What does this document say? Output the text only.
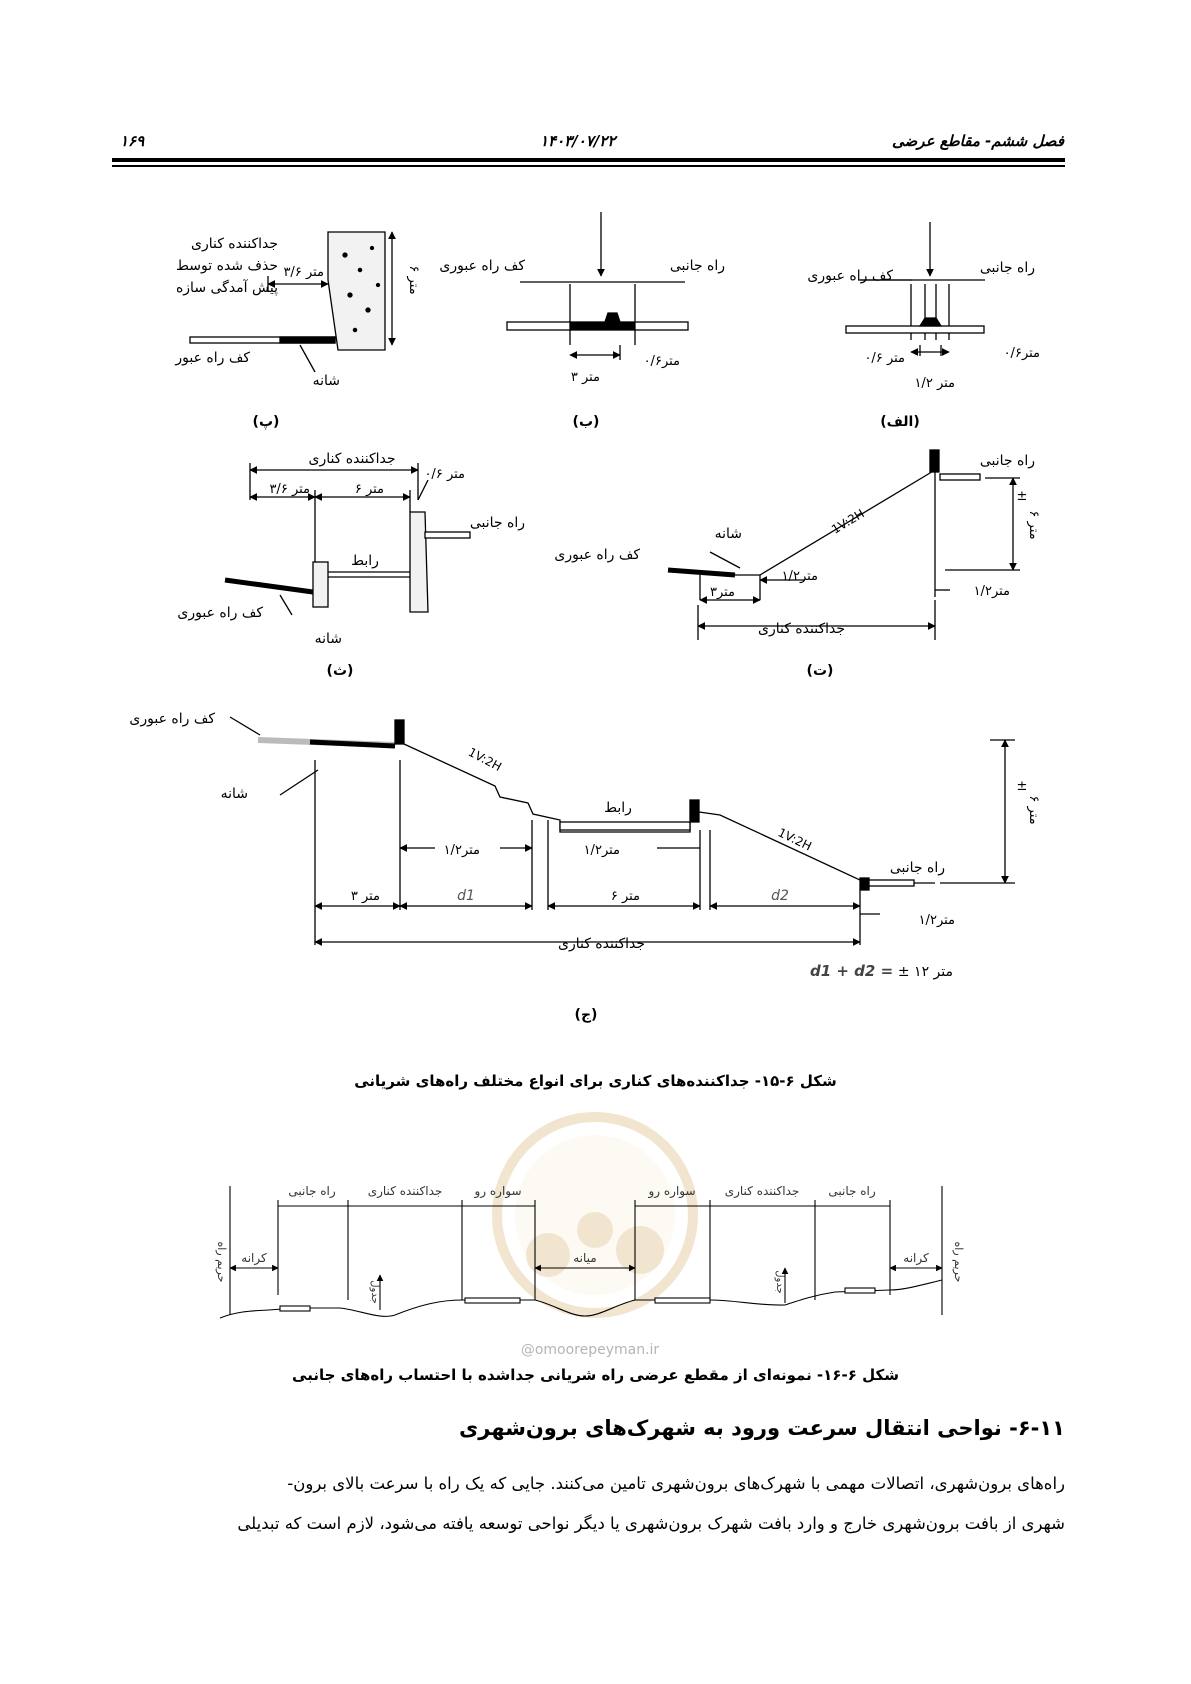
فصل ششم- مقاطع عرضی
۱۴۰۳/۰۷/۲۲
۱۶۹
راه جانبی
کف راه عبوری
۰/۶متر
۰/۶ متر
۱/۲ متر
(الف)
راه جانبی
کف راه عبوری
۰/۶متر
۳ متر
(ب)
جداکننده کناری
حذف شده توسط
پیش آمدگی سازه
۳/۶ متر	۶ متر
کف راه عبور
شانه
(پ)
راه جانبی
شانه
کف راه عبوری
1V:2H
۱/۲متر
۳متر	۱/۲متر
۶ متر
±
جداکننده کناری
(ت)
جداکننده کناری
۳/۶ متر	۶ متر
۰/۶ متر
راه جانبی
رابط
کف راه عبوری
شانه
(ث)
کف راه عبوری
شانه
1V:2H
1V:2H
رابط
۱/۲متر	۱/۲متر
۱/۲متر
۳ متر	d1	۶ متر	d2
راه جانبی
جداکننده کناری
۶ متر
±
d1 + d2 = ± ۱۲ متر
(ج)
راه جانبی	جداکننده کناری	سواره رو	سواره رو جداکننده کناری راه جانبی
میانه
کرانه	کرانه
حریم راه	حریم راه
جدول	جدول
@omoorepeyman.ir
شکل ۶-۱۵- جداکننده‌های کناری برای انواع مختلف راه‌های شریانی
شکل ۶-۱۶- نمونه‌ای از مقطع عرضی راه شریانی جداشده با احتساب راه‌های جانبی
۶-۱۱- نواحی انتقال سرعت ورود به شهرک‌های برون‌شهری
راه‌های برون‌شهری، اتصالات مهمی با شهرک‌های برون‌شهری تامین می‌کنند. جایی که یک راه با سرعت بالای برون-
شهری از بافت برون‌شهری خارج و وارد بافت شهرک برون‌شهری یا دیگر نواحی توسعه یافته می‌شود، لازم است که تبدیلی
